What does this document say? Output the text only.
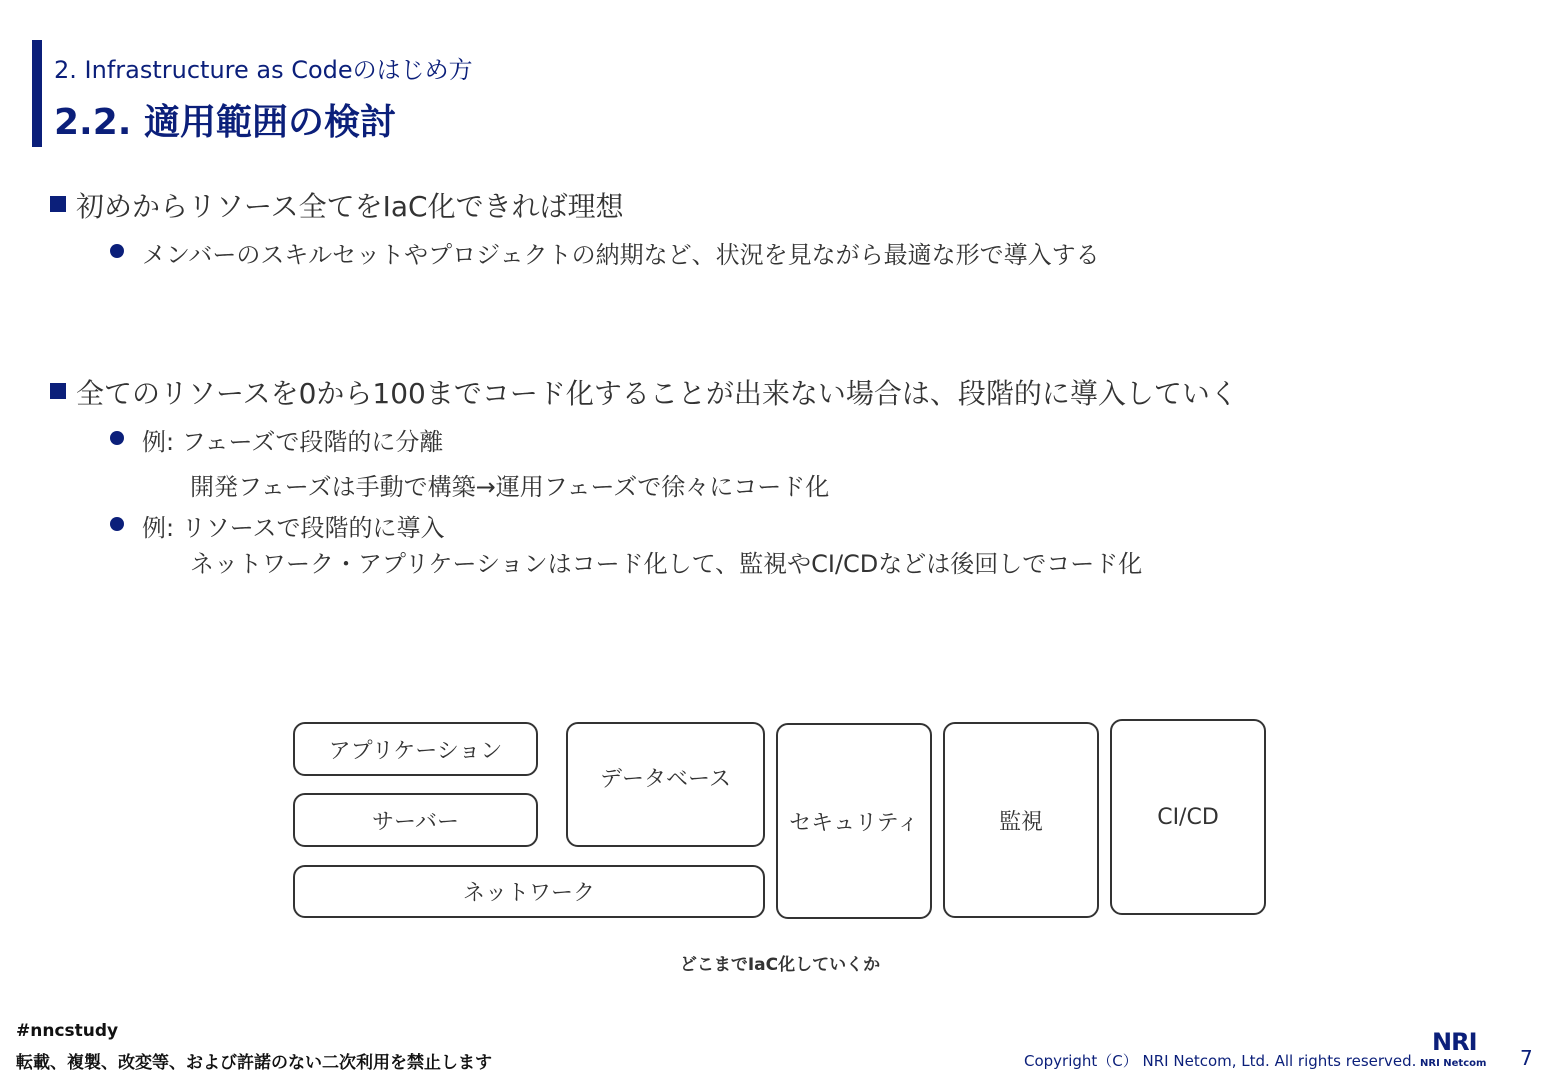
2. Infrastructure as Codeのはじめ方
2.2. 適用範囲の検討
初めからリソース全てをIaC化できれば理想
メンバーのスキルセットやプロジェクトの納期など、状況を見ながら最適な形で導入する
全てのリソースを0から100までコード化することが出来ない場合は、段階的に導入していく
例: フェーズで段階的に分離
開発フェーズは手動で構築→運用フェーズで徐々にコード化
例: リソースで段階的に導入
ネットワーク・アプリケーションはコード化して、監視やCI/CDなどは後回しでコード化
アプリケーション
サーバー
データベース
ネットワーク
セキュリティ	監視	CI/CD
どこまでIaC化していくか
#nncstudy
転載、複製、改変等、および許諾のない二次利用を禁止します	Copyright（C） NRI Netcom, Ltd. All rights reserved.
NRI
NRI Netcom 7
